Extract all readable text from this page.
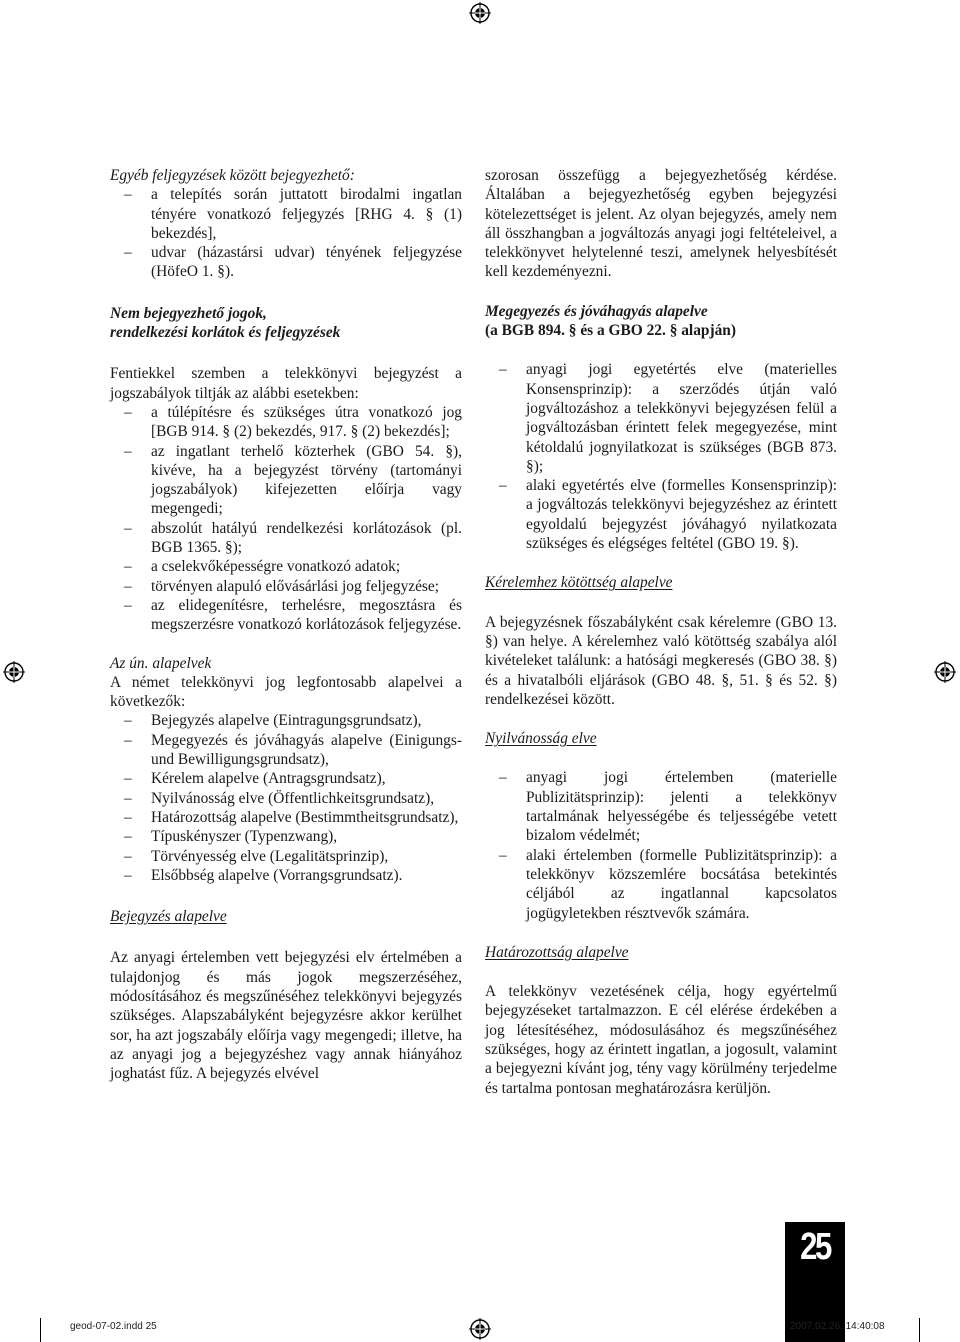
Egyéb feljegyzések között bejegyezhető:

– a telepítés során juttatott birodalmi ingatlan tényére vonatkozó feljegyzés [RHG 4. § (1) bekezdés],
– udvar (házastársi udvar) tényének feljegyzése (HöfeO 1. §).

Nem bejegyezhető jogok,

rendelkezési korlátok és feljegyzések

Fentiekkel szemben a telekkönyvi bejegyzést a jogszabályok tiltják az alábbi esetekben:

– a túlépítésre és szükséges útra vonatkozó jog [BGB 914. § (2) bekezdés, 917. § (2) bekezdés];
– az ingatlant terhelő közterhek (GBO 54. §), kivéve, ha a bejegyzést törvény (tartományi jogszabályok) kifejezetten előírja vagy megengedi;
– abszolút hatályú rendelkezési korlátozások (pl. BGB 1365. §);
– a cselekvőképességre vonatkozó adatok;
– törvényen alapuló elővásárlási jog feljegyzése;
– az elidegenítésre, terhelésre, megosztásra és megszerzésre vonatkozó korlátozások feljegyzése.

Az ún. alapelvek

A német telekkönyvi jog legfontosabb alapelvei a következők:

– Bejegyzés alapelve (Eintragungsgrundsatz),
– Megegyezés és jóváhagyás alapelve (Einigungs- und Bewilligungsgrundsatz),
– Kérelem alapelve (Antragsgrundsatz),
– Nyilvánosság elve (Öffentlichkeitsgrundsatz),
– Határozottság alapelve (Bestimmtheitsgrundsatz),
– Típuskényszer (Typenzwang),
– Törvényesség elve (Legalitätsprinzip),
– Elsőbbség alapelve (Vorrangsgrundsatz).

Bejegyzés alapelve

Az anyagi értelemben vett bejegyzési elv értelmében a tulajdonjog és más jogok megszerzéséhez, módosításához és megszűnéséhez telekkönyvi bejegyzés szükséges. Alapszabályként bejegyzésre akkor kerülhet sor, ha azt jogszabály előírja vagy megengedi; illetve, ha az anyagi jog a bejegyzéshez vagy annak hiányához joghatást fűz. A bejegyzés elvével

szorosan összefügg a bejegyezhetőség kérdése. Általában a bejegyezhetőség egyben bejegyzési kötelezettséget is jelent. Az olyan bejegyzés, amely nem áll összhangban a jogváltozás anyagi jogi feltételeivel, a telekkönyvet helytelenné teszi, amelynek helyesbítését kell kezdeményezni.

Megegyezés és jóváhagyás alapelve

(a BGB 894. § és a GBO 22. § alapján)

– anyagi jogi egyetértés elve (materielles Konsensprinzip): a szerződés útján való jogváltozáshoz a telekkönyvi bejegyzésen felül a jogváltozásban érintett felek megegyezése, mint kétoldalú jognyilatkozat is szükséges (BGB 873. §);
– alaki egyetértés elve (formelles Konsensprinzip): a jogváltozás telekkönyvi bejegyzéshez az érintett egyoldalú bejegyzést jóváhagyó nyilatkozata szükséges és elégséges feltétel (GBO 19. §).

Kérelemhez kötöttség alapelve

A bejegyzésnek főszabályként csak kérelemre (GBO 13. §) van helye. A kérelemhez való kötöttség szabálya alól kivételeket találunk: a hatósági megkeresés (GBO 38. §) és a hivatalbóli eljárások (GBO 48. §, 51. § és 52. §) rendelkezései között.

Nyilvánosság elve

– anyagi jogi értelemben (materielle Publizitätsprinzip): jelenti a telekkönyv tartalmának helyességébe és teljességébe vetett bizalom védelmét;
– alaki értelemben (formelle Publizitätsprinzip): a telekkönyv közszemlére bocsátása betekintés céljából az ingatlannal kapcsolatos jogügyletekben résztvevők számára.

Határozottság alapelve

A telekkönyv vezetésének célja, hogy egyértelmű bejegyzéseket tartalmazzon. E cél elérése érdekében a jog létesítéséhez, módosulásához és megszűnéséhez szükséges, hogy az érintett ingatlan, a jogosult, valamint a bejegyezni kívánt jog, tény vagy körülmény terjedelme és tartalma pontosan meghatározásra kerüljön.

25
geod-07-02.indd 25	2007.02.26. 14:40:08
